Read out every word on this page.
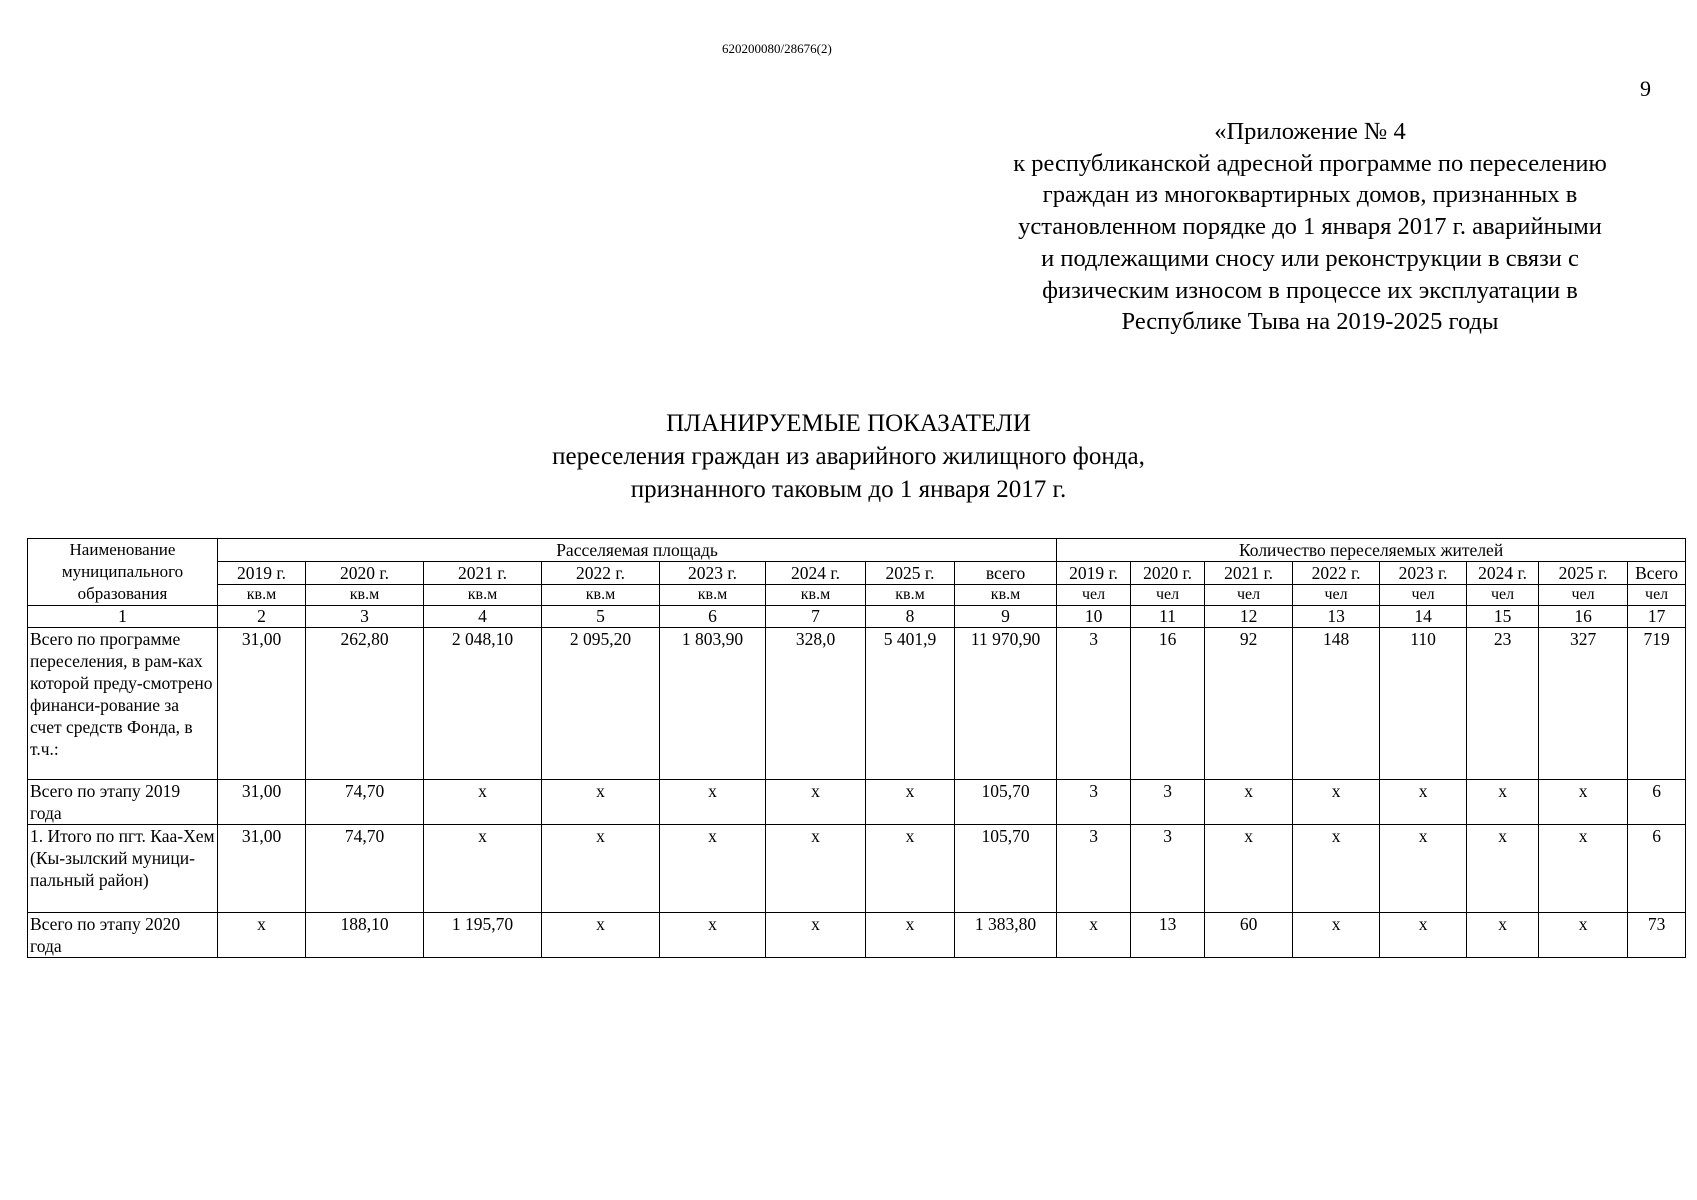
620200080/28676(2)
9
«Приложение № 4
к республиканской адресной программе по переселению
граждан из многоквартирных домов, признанных в
установленном порядке до 1 января 2017 г. аварийными
и подлежащими сносу или реконструкции в связи с
физическим износом в процессе их эксплуатации в
Республике Тыва на 2019-2025 годы
ПЛАНИРУЕМЫЕ ПОКАЗАТЕЛИ
переселения граждан из аварийного жилищного фонда,
признанного таковым до 1 января 2017 г.
Наименование муниципального образования	Расселяемая площадь								Количество переселяемых жителей							
	2019 г.	2020 г.	2021 г.	2022 г.	2023 г.	2024 г.	2025 г.	всего	2019 г.	2020 г.	2021 г.	2022 г.	2023 г.	2024 г.	2025 г.	Всего
	кв.м	кв.м	кв.м	кв.м	кв.м	кв.м	кв.м	кв.м	чел	чел	чел	чел	чел	чел	чел	чел
1	2	3	4	5	6	7	8	9	10	11	12	13	14	15	16	17
Всего по программе переселения, в рам-ках которой преду-смотрено финанси-рование за счет средств Фонда, в т.ч.:	31,00	262,80	2 048,10	2 095,20	1 803,90	328,0	5 401,9	11 970,90	3	16	92	148	110	23	327	719
Всего по этапу 2019 года	31,00	74,70	x	x	x	x	x	105,70	3	3	x	x	x	x	x	6
1. Итого по пгт. Каа-Хем (Кы-зылский муници-пальный район)	31,00	74,70	x	x	x	x	x	105,70	3	3	x	x	x	x	x	6
Всего по этапу 2020 года	x	188,10	1 195,70	x	x	x	x	1 383,80	x	13	60	x	x	x	x	73
